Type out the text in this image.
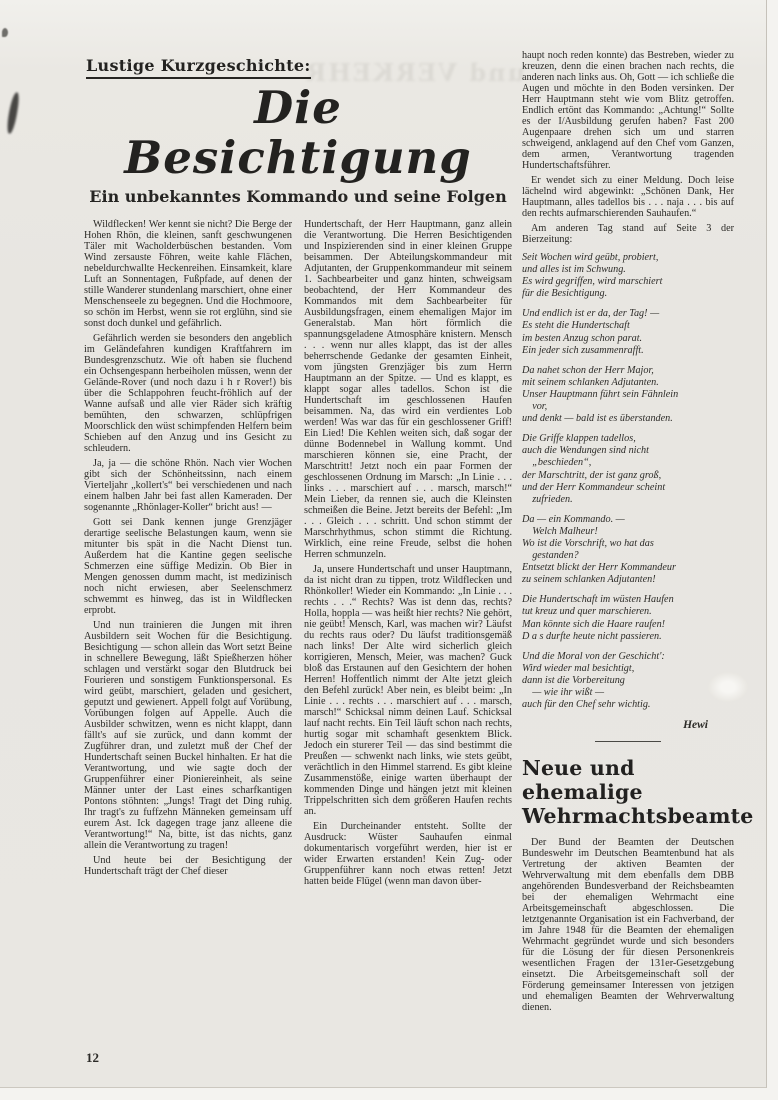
und VERKEHR
Lustige Kurzgeschichte:
Die Besichtigung
Ein unbekanntes Kommando und seine Folgen

Wildflecken! Wer kennt sie nicht? Die Berge der Hohen Rhön, die kleinen, sanft geschwungenen Täler mit Wacholderbüschen bestanden. Vom Wind zersauste Föhren, weite kahle Flächen, nebeldurchwallte Heckenreihen. Einsamkeit, klare Luft an Sonnentagen, Fußpfade, auf denen der stille Wanderer stundenlang marschiert, ohne einer Menschenseele zu begegnen. Und die Hochmoore, so schön im Herbst, wenn sie rot erglühn, sind sie sonst doch dunkel und gefährlich.

Gefährlich werden sie besonders den angeblich im Geländefahren kundigen Kraftfahrern im Bundesgrenzschutz. Wie oft haben sie fluchend ein Ochsengespann herbeiholen müssen, wenn der Gelände-Rover (und noch dazu i h r Rover!) bis über die Schlappohren feucht-fröhlich auf der Wanne aufsaß und alle vier Räder sich kräftig bemühten, den schwarzen, schlüpfrigen Moorschlick den wüst schimpfenden Helfern beim Schieben auf den Anzug und ins Gesicht zu schleudern.

Ja, ja — die schöne Rhön. Nach vier Wochen gibt sich der Schönheitssinn, nach einem Vierteljahr „kollert's“ bei verschiedenen und nach einem halben Jahr bei fast allen Kameraden. Der sogenannte „Rhönlager-Koller“ bricht aus! —

Gott sei Dank kennen junge Grenzjäger derartige seelische Belastungen kaum, wenn sie mitunter bis spät in die Nacht Dienst tun. Außerdem hat die Kantine gegen seelische Schmerzen eine süffige Medizin. Ob Bier in Mengen genossen dumm macht, ist medizinisch noch nicht erwiesen, aber Seelenschmerz schwemmt es hinweg, das ist in Wildflecken erprobt.

Und nun trainieren die Jungen mit ihren Ausbildern seit Wochen für die Besichtigung. Besichtigung — schon allein das Wort setzt Beine in schnellere Bewegung, läßt Spießherzen höher schlagen und verstärkt sogar den Blutdruck bei Fourieren und sonstigem Funktionspersonal. Es wird geübt, marschiert, geladen und gesichert, geputzt und gewienert. Appell folgt auf Vorübung, Vorübungen folgen auf Appelle. Auch die Ausbilder schwitzen, wenn es nicht klappt, dann fällt's auf sie zurück, und dann kommt der Zugführer dran, und zuletzt muß der Chef der Hundertschaft seinen Buckel hinhalten. Er hat die Verantwortung, und wie sagte doch der Gruppenführer einer Pioniereinheit, als seine Männer unter der Last eines scharfkantigen Pontons stöhnten: „Jungs! Tragt det Ding ruhig. Ihr tragt's zu fuffzehn Männeken gemeinsam uff eurem Ast. Ick dagegen trage janz alleene die Verantwortung!“ Na, bitte, ist das nichts, ganz allein die Verantwortung zu tragen!

Und heute bei der Besichtigung der Hundertschaft trägt der Chef dieser

Hundertschaft, der Herr Hauptmann, ganz allein die Verantwortung. Die Herren Besichtigenden und Inspizierenden sind in einer kleinen Gruppe beisammen. Der Abteilungskommandeur mit Adjutanten, der Gruppenkommandeur mit seinem 1. Sachbearbeiter und ganz hinten, schweigsam beobachtend, der Herr Kommandeur des Kommandos mit dem Sachbearbeiter für Ausbildungsfragen, einem ehemaligen Major im Generalstab. Man hört förmlich die spannungsgeladene Atmosphäre knistern. Mensch . . . wenn nur alles klappt, das ist der alles beherrschende Gedanke der gesamten Einheit, vom jüngsten Grenzjäger bis zum Herrn Hauptmann an der Spitze. — Und es klappt, es klappt sogar alles tadellos. Schon ist die Hundertschaft im geschlossenen Haufen beisammen. Na, das wird ein verdientes Lob werden! Was war das für ein geschlossener Griff! Ein Lied! Die Kehlen weiten sich, daß sogar der dünne Bodennebel in Wallung kommt. Und marschieren können sie, eine Pracht, der Marschtritt! Jetzt noch ein paar Formen der geschlossenen Ordnung im Marsch: „In Linie . . . links . . . marschiert auf . . . marsch, marsch!“ Mein Lieber, da rennen sie, auch die Kleinsten schmeißen die Beine. Jetzt bereits der Befehl: „Im . . . Gleich . . . schritt. Und schon stimmt der Marschrhythmus, schon stimmt die Richtung. Wirklich, eine reine Freude, selbst die hohen Herren schmunzeln.

Ja, unsere Hundertschaft und unser Hauptmann, da ist nicht dran zu tippen, trotz Wildflecken und Rhönkoller! Wieder ein Kommando: „In Linie . . . rechts . . .“ Rechts? Was ist denn das, rechts? Holla, hoppla — was heißt hier rechts? Nie gehört, nie geübt! Mensch, Karl, was machen wir? Läufst du rechts raus oder? Du läufst traditionsgemäß nach links! Der Alte wird sicherlich gleich korrigieren, Mensch, Meier, was machen? Guck bloß das Erstaunen auf den Gesichtern der hohen Herren! Hoffentlich nimmt der Alte jetzt gleich den Befehl zurück! Aber nein, es bleibt beim: „In Linie . . . rechts . . . marschiert auf . . . marsch, marsch!“ Schicksal nimm deinen Lauf. Schicksal lauf nacht rechts. Ein Teil läuft schon nach rechts, hurtig sogar mit schamhaft gesenktem Blick. Jedoch ein sturerer Teil — das sind bestimmt die Preußen — schwenkt nach links, wie stets geübt, verächtlich in den Himmel starrend. Es gibt kleine Zusammenstöße, einige warten überhaupt der kommenden Dinge und hängen jetzt mit kleinen Trippelschritten sich dem größeren Haufen rechts an.

Ein Durcheinander entsteht. Sollte der Ausdruck: Wüster Sauhaufen einmal dokumentarisch vorgeführt werden, hier ist er wider Erwarten erstanden! Kein Zug- oder Gruppenführer kann noch etwas retten! Jetzt hatten beide Flügel (wenn man davon über-

haupt noch reden konnte) das Bestreben, wieder zu kreuzen, denn die einen brachen nach rechts, die anderen nach links aus. Oh, Gott — ich schließe die Augen und möchte in den Boden versinken. Der Herr Hauptmann steht wie vom Blitz getroffen. Endlich ertönt das Kommando: „Achtung!“ Sollte es der I/Ausbildung gerufen haben? Fast 200 Augenpaare drehen sich um und starren schweigend, anklagend auf den Chef vom Ganzen, dem armen, Verantwortung tragenden Hundertschaftsführer.

Er wendet sich zu einer Meldung. Doch leise lächelnd wird abgewinkt: „Schönen Dank, Her Hauptmann, alles tadellos bis . . . naja . . . bis auf den rechts aufmarschierenden Sauhaufen.“

Am anderen Tag stand auf Seite 3 der Bierzeitung:

Seit Wochen wird geübt, probiert,
und alles ist im Schwung.
Es wird gegriffen, wird marschiert
für die Besichtigung.
Und endlich ist er da, der Tag! —
Es steht die Hundertschaft
im besten Anzug schon parat.
Ein jeder sich zusammenrafft.
Da nahet schon der Herr Major,
mit seinem schlanken Adjutanten.
Unser Hauptmann führt sein Fähnlein
vor,
und denkt — bald ist es überstanden.
Die Griffe klappen tadellos,
auch die Wendungen sind nicht
„beschieden“,
der Marschtritt, der ist ganz groß,
und der Herr Kommandeur scheint
zufrieden.
Da — ein Kommando. —
Welch Malheur!
Wo ist die Vorschrift, wo hat das
gestanden?
Entsetzt blickt der Herr Kommandeur
zu seinem schlanken Adjutanten!
Die Hundertschaft im wüsten Haufen
tut kreuz und quer marschieren.
Man könnte sich die Haare raufen!
D a s durfte heute nicht passieren.
Und die Moral von der Geschicht':
Wird wieder mal besichtigt,
dann ist die Vorbereitung
— wie ihr wißt —
auch für den Chef sehr wichtig.
Hewi
Neue und ehemalige
Wehrmachtsbeamte

Der Bund der Beamten der Deutschen Bundeswehr im Deutschen Beamtenbund hat als Vertretung der aktiven Beamten der Wehrverwaltung mit dem ebenfalls dem DBB angehörenden Bundesverband der Reichsbeamten bei der ehemaligen Wehrmacht eine Arbeitsgemeinschaft abgeschlossen. Die letztgenannte Organisation ist ein Fachverband, der im Jahre 1948 für die Beamten der ehemaligen Wehrmacht gegründet wurde und sich besonders für die Lösung der für diesen Personenkreis wesentlichen Fragen der 131er-Gesetzgebung einsetzt. Die Arbeitsgemeinschaft soll der Förderung gemeinsamer Interessen von jetzigen und ehemaligen Beamten der Wehrverwaltung dienen.

12
